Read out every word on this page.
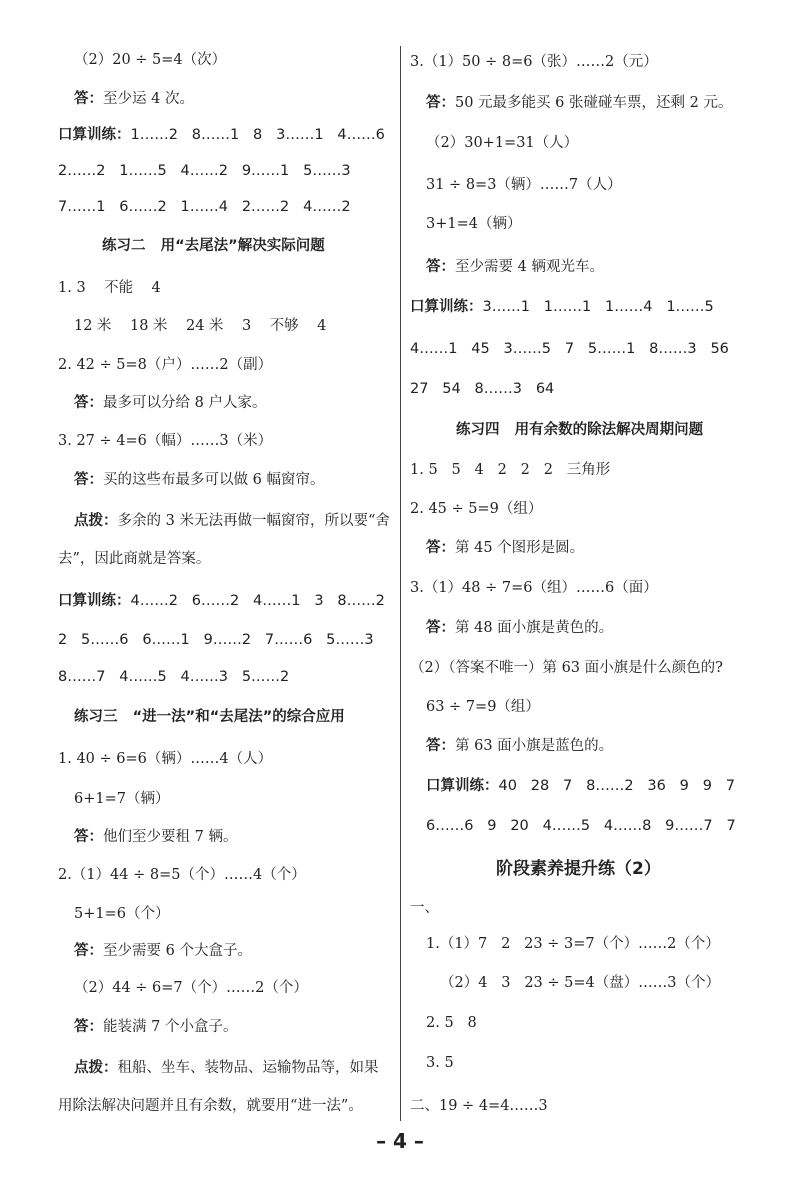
（2）20 ÷ 5=4（次）
答：至少运 4 次。
口算训练：1……2   8……1   8   3……1   4……6
2……2   1……5   4……2   9……1   5……3
7……1   6……2   1……4   2……2   4……2
练习二   用“去尾法”解决实际问题
1. 3    不能    4
12 米    18 米    24 米    3    不够    4
2. 42 ÷ 5=8（户）……2（副）
答：最多可以分给 8 户人家。
3. 27 ÷ 4=6（幅）……3（米）
答：买的这些布最多可以做 6 幅窗帘。
点拨：多余的 3 米无法再做一幅窗帘，所以要“舍
去”，因此商就是答案。
口算训练：4……2   6……2   4……1   3   8……2
2   5……6   6……1   9……2   7……6   5……3
8……7   4……5   4……3   5……2
练习三   “进一法”和“去尾法”的综合应用
1. 40 ÷ 6=6（辆）……4（人）
6+1=7（辆）
答：他们至少要租 7 辆。
2.（1）44 ÷ 8=5（个）……4（个）
5+1=6（个）
答：至少需要 6 个大盒子。
（2）44 ÷ 6=7（个）……2（个）
答：能装满 7 个小盒子。
点拨：租船、坐车、装物品、运输物品等，如果
用除法解决问题并且有余数，就要用“进一法”。
3.（1）50 ÷ 8=6（张）……2（元）
答：50 元最多能买 6 张碰碰车票，还剩 2 元。
（2）30+1=31（人）
31 ÷ 8=3（辆）……7（人）
3+1=4（辆）
答：至少需要 4 辆观光车。
口算训练：3……1   1……1   1……4   1……5
4……1   45   3……5   7   5……1   8……3   56
27   54   8……3   64
练习四   用有余数的除法解决周期问题
1. 5   5   4   2   2   2   三角形
2. 45 ÷ 5=9（组）
答：第 45 个图形是圆。
3.（1）48 ÷ 7=6（组）……6（面）
答：第 48 面小旗是黄色的。
（2）（答案不唯一）第 63 面小旗是什么颜色的?
63 ÷ 7=9（组）
答：第 63 面小旗是蓝色的。
口算训练：40   28   7   8……2   36   9   9   7
6……6   9   20   4……5   4……8   9……7   7
阶段素养提升练（2）
一、
1.（1）7   2   23 ÷ 3=7（个）……2（个）
（2）4   3   23 ÷ 5=4（盘）……3（个）
2. 5   8
3. 5
二、19 ÷ 4=4……3
– 4 –
